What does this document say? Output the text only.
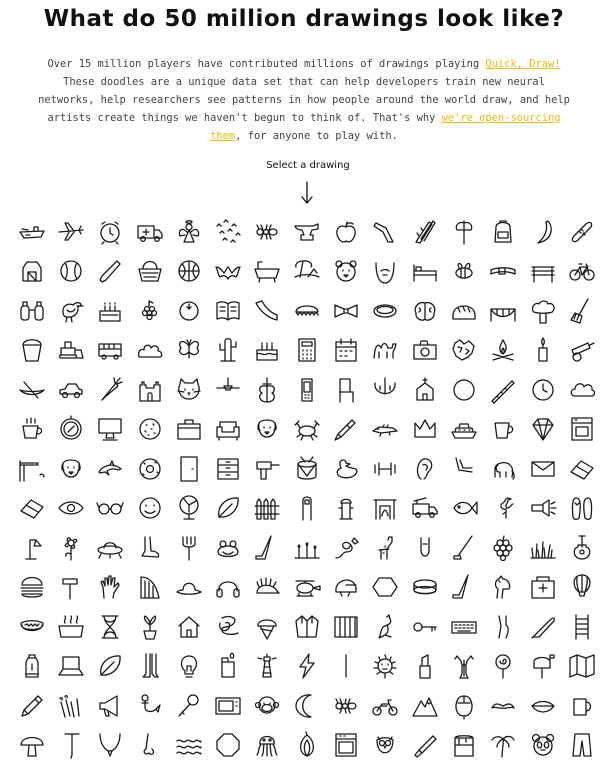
What do 50 million drawings look like?

Over 15 million players have contributed millions of drawings playing Quick, Draw! These doodles are a unique data set that can help developers train new neural networks, help researchers see patterns in how people around the world draw, and help artists create things we haven't begun to think of. That's why we're open-sourcing them, for anyone to play with.

Select a drawing
